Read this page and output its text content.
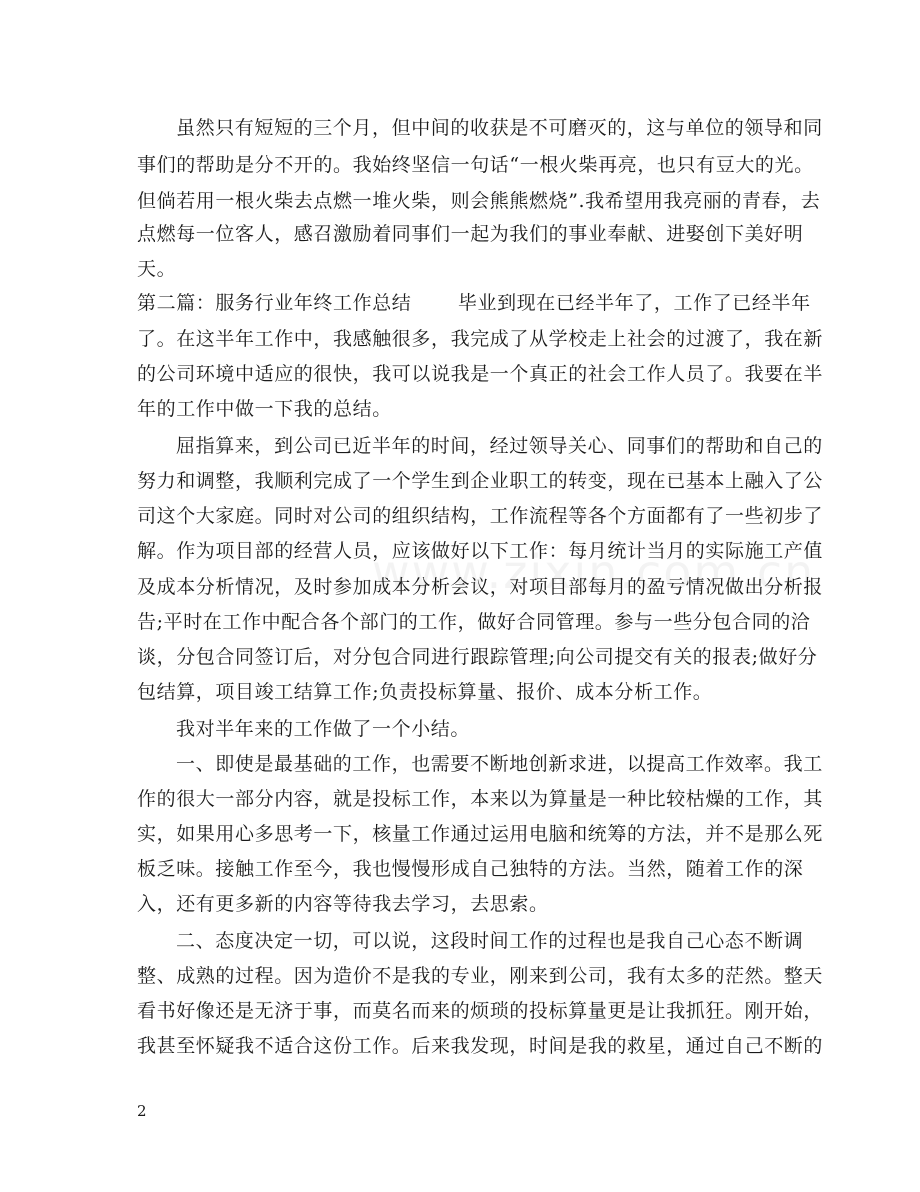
虽然只有短短的三个月，但中间的收获是不可磨灭的，这与单位的领导和同
事们的帮助是分不开的。我始终坚信一句话“一根火柴再亮，也只有豆大的光。
但倘若用一根火柴去点燃一堆火柴，则会熊熊燃烧”.我希望用我亮丽的青春，去
点燃每一位客人，感召激励着同事们一起为我们的事业奉献、进娶创下美好明
天。
第二篇：服务行业年终工作总结       毕业到现在已经半年了，工作了已经半年
了。在这半年工作中，我感触很多，我完成了从学校走上社会的过渡了，我在新
的公司环境中适应的很快，我可以说我是一个真正的社会工作人员了。我要在半
年的工作中做一下我的总结。
屈指算来，到公司已近半年的时间，经过领导关心、同事们的帮助和自己的
努力和调整，我顺利完成了一个学生到企业职工的转变，现在已基本上融入了公
司这个大家庭。同时对公司的组织结构，工作流程等各个方面都有了一些初步了
解。作为项目部的经营人员，应该做好以下工作：每月统计当月的实际施工产值
及成本分析情况，及时参加成本分析会议，对项目部每月的盈亏情况做出分析报
告;平时在工作中配合各个部门的工作，做好合同管理。参与一些分包合同的洽
谈，分包合同签订后，对分包合同进行跟踪管理;向公司提交有关的报表;做好分
包结算，项目竣工结算工作;负责投标算量、报价、成本分析工作。
我对半年来的工作做了一个小结。
一、即使是最基础的工作，也需要不断地创新求进，以提高工作效率。我工
作的很大一部分内容，就是投标工作，本来以为算量是一种比较枯燥的工作，其
实，如果用心多思考一下，核量工作通过运用电脑和统筹的方法，并不是那么死
板乏味。接触工作至今，我也慢慢形成自己独特的方法。当然，随着工作的深
入，还有更多新的内容等待我去学习，去思索。
二、态度决定一切，可以说，这段时间工作的过程也是我自己心态不断调
整、成熟的过程。因为造价不是我的专业，刚来到公司，我有太多的茫然。整天
看书好像还是无济于事，而莫名而来的烦琐的投标算量更是让我抓狂。刚开始，
我甚至怀疑我不适合这份工作。后来我发现，时间是我的救星，通过自己不断的
2
